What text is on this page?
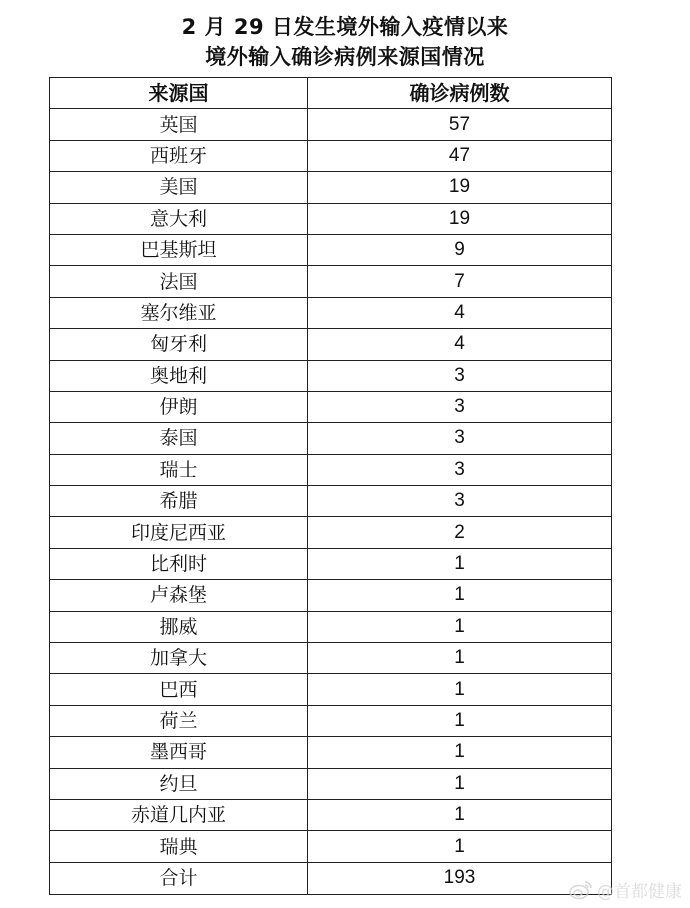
2 月 29 日发生境外输入疫情以来
境外输入确诊病例来源国情况
来源国	确诊病例数
英国	57
西班牙	47
美国	19
意大利	19
巴基斯坦	9
法国	7
塞尔维亚	4
匈牙利	4
奥地利	3
伊朗	3
泰国	3
瑞士	3
希腊	3
印度尼西亚	2
比利时	1
卢森堡	1
挪威	1
加拿大	1
巴西	1
荷兰	1
墨西哥	1
约旦	1
赤道几内亚	1
瑞典	1
合计	193
@首都健康
